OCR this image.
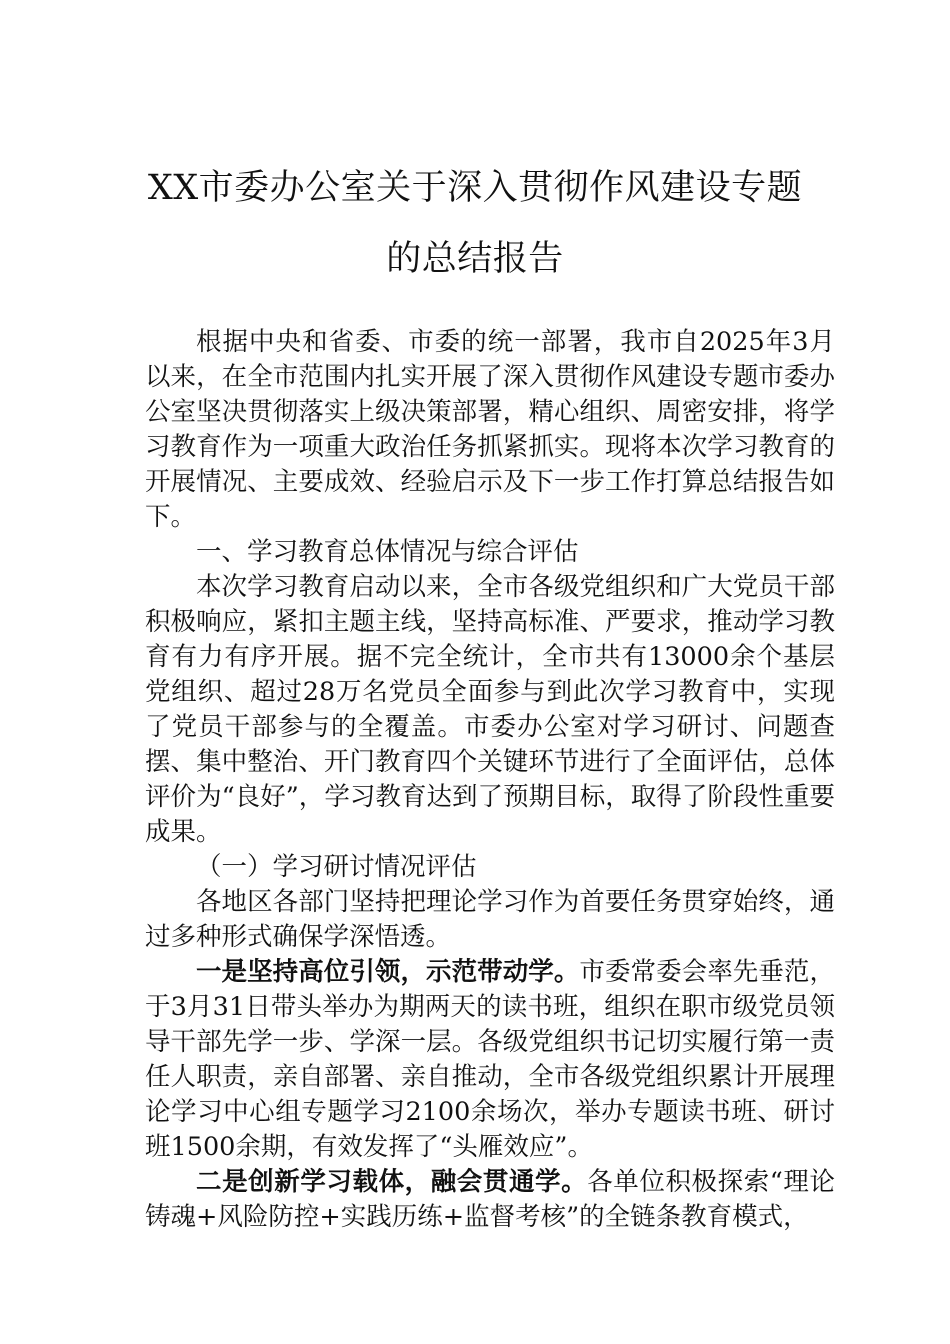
XX市委办公室关于深入贯彻作风建设专题
的总结报告

根据中央和省委、市委的统一部署，我市自2025年3月以来，在全市范围内扎实开展了深入贯彻作风建设专题市委办公室坚决贯彻落实上级决策部署，精心组织、周密安排，将学习教育作为一项重大政治任务抓紧抓实。现将本次学习教育的开展情况、主要成效、经验启示及下一步工作打算总结报告如下。

一、学习教育总体情况与综合评估

本次学习教育启动以来，全市各级党组织和广大党员干部积极响应，紧扣主题主线，坚持高标准、严要求，推动学习教育有力有序开展。据不完全统计，全市共有13000余个基层党组织、超过28万名党员全面参与到此次学习教育中，实现了党员干部参与的全覆盖。市委办公室对学习研讨、问题查摆、集中整治、开门教育四个关键环节进行了全面评估，总体评价为“良好”，学习教育达到了预期目标，取得了阶段性重要成果。

（一）学习研讨情况评估

各地区各部门坚持把理论学习作为首要任务贯穿始终，通过多种形式确保学深悟透。

一是坚持高位引领，示范带动学。市委常委会率先垂范，于3月31日带头举办为期两天的读书班，组织在职市级党员领导干部先学一步、学深一层。各级党组织书记切实履行第一责任人职责，亲自部署、亲自推动，全市各级党组织累计开展理论学习中心组专题学习2100余场次，举办专题读书班、研讨班1500余期，有效发挥了“头雁效应”。

二是创新学习载体，融会贯通学。各单位积极探索“理论铸魂+风险防控+实践历练+监督考核”的全链条教育模式，
